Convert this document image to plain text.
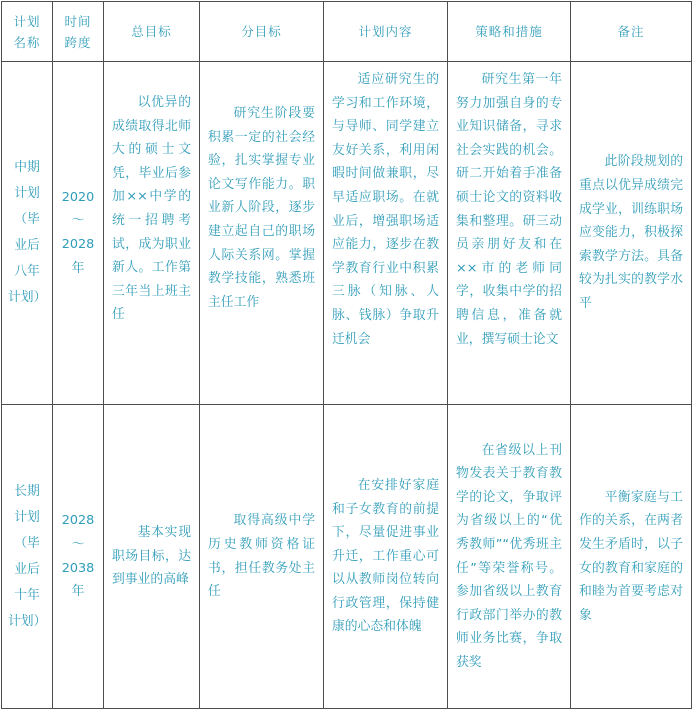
计划名称	时间跨度	总目标	分目标	计划内容	策略和措施	备注

中期计划（毕业后八年计划）	2020～2028年	以优异的成绩取得北师大的硕士文凭，毕业后参加××中学的统一招聘考试，成为职业新人。工作第三年当上班主任	研究生阶段要积累一定的社会经验，扎实掌握专业论文写作能力。职业新人阶段，逐步建立起自己的职场人际关系网。掌握教学技能，熟悉班主任工作	适应研究生的学习和工作环境，与导师、同学建立友好关系，利用闲暇时间做兼职，尽早适应职场。在就业后，增强职场适应能力，逐步在教学教育行业中积累三脉（知脉、人脉、钱脉）争取升迁机会	研究生第一年努力加强自身的专业知识储备，寻求社会实践的机会。研二开始着手准备硕士论文的资料收集和整理。研三动员亲朋好友和在××市的老师同学，收集中学的招聘信息，准备就业，撰写硕士论文	此阶段规划的重点以优异成绩完成学业，训练职场应变能力，积极探索教学方法。具备较为扎实的教学水平

长期计划（毕业后十年计划）	2028～2038年	基本实现职场目标，达到事业的高峰	取得高级中学历史教师资格证书，担任教务处主任	在安排好家庭和子女教育的前提下，尽量促进事业升迁，工作重心可以从教师岗位转向行政管理，保持健康的心态和体魄	在省级以上刊物发表关于教育教学的论文，争取评为省级以上的“优秀教师”“优秀班主任”等荣誉称号。参加省级以上教育行政部门举办的教师业务比赛，争取获奖	平衡家庭与工作的关系，在两者发生矛盾时，以子女的教育和家庭的和睦为首要考虑对象
